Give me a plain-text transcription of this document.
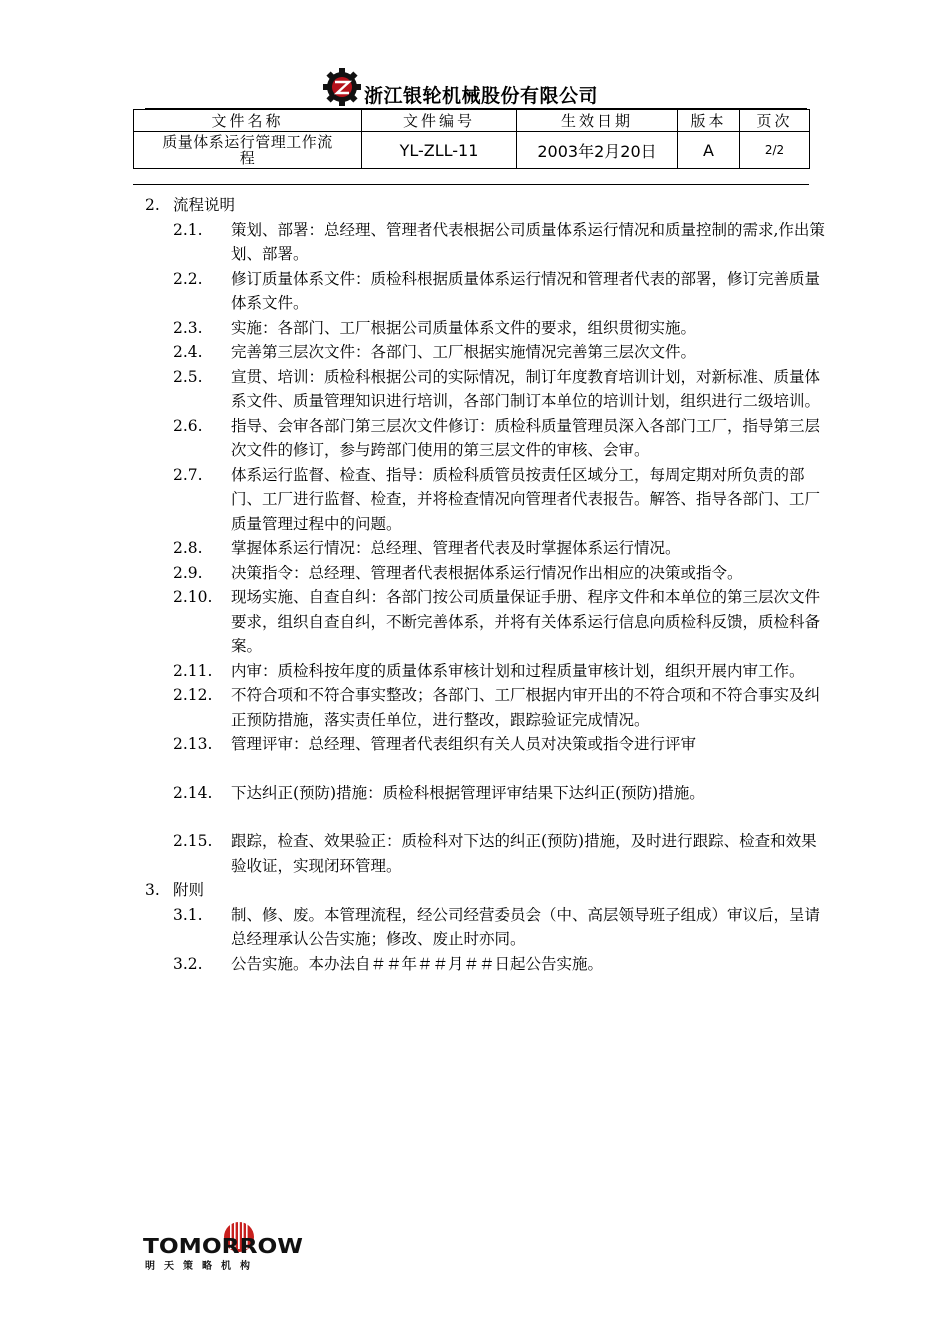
浙江银轮机械股份有限公司
文件名称	文件编号	生效日期	版本	页次

质量体系运行管理工作流
程	YL-ZLL-11	2003年2月20日	A	2/2
2. 流程说明
2.1.	策划、部署：总经理、管理者代表根据公司质量体系运行情况和质量控制的需求,作出策划、部署。
2.2.	修订质量体系文件：质检科根据质量体系运行情况和管理者代表的部署，修订完善质量体系文件。
2.3.	实施：各部门、工厂根据公司质量体系文件的要求，组织贯彻实施。
2.4.	完善第三层次文件：各部门、工厂根据实施情况完善第三层次文件。
2.5.	宣贯、培训：质检科根据公司的实际情况，制订年度教育培训计划，对新标准、质量体系文件、质量管理知识进行培训，各部门制订本单位的培训计划，组织进行二级培训。
2.6.	指导、会审各部门第三层次文件修订：质检科质量管理员深入各部门工厂，指导第三层次文件的修订，参与跨部门使用的第三层文件的审核、会审。
2.7.	体系运行监督、检查、指导：质检科质管员按责任区域分工，每周定期对所负责的部门、工厂进行监督、检查，并将检查情况向管理者代表报告。解答、指导各部门、工厂质量管理过程中的问题。
2.8.	掌握体系运行情况：总经理、管理者代表及时掌握体系运行情况。
2.9.	决策指令：总经理、管理者代表根据体系运行情况作出相应的决策或指令。
2.10.	现场实施、自查自纠：各部门按公司质量保证手册、程序文件和本单位的第三层次文件要求，组织自查自纠，不断完善体系，并将有关体系运行信息向质检科反馈，质检科备案。
2.11.	内审：质检科按年度的质量体系审核计划和过程质量审核计划，组织开展内审工作。
2.12.	不符合项和不符合事实整改；各部门、工厂根据内审开出的不符合项和不符合事实及纠正预防措施，落实责任单位，进行整改，跟踪验证完成情况。
2.13.	管理评审：总经理、管理者代表组织有关人员对决策或指令进行评审
2.14.	下达纠正(预防)措施：质检科根据管理评审结果下达纠正(预防)措施。
2.15.	跟踪，检查、效果验正：质检科对下达的纠正(预防)措施，及时进行跟踪、检查和效果验收证，实现闭环管理。
3. 附则
3.1.	制、修、废。本管理流程，经公司经营委员会（中、高层领导班子组成）审议后，呈请总经理承认公告实施；修改、废止时亦同。
3.2.	公告实施。本办法自＃＃年＃＃月＃＃日起公告实施。
TOMORROW
明天策略机构
